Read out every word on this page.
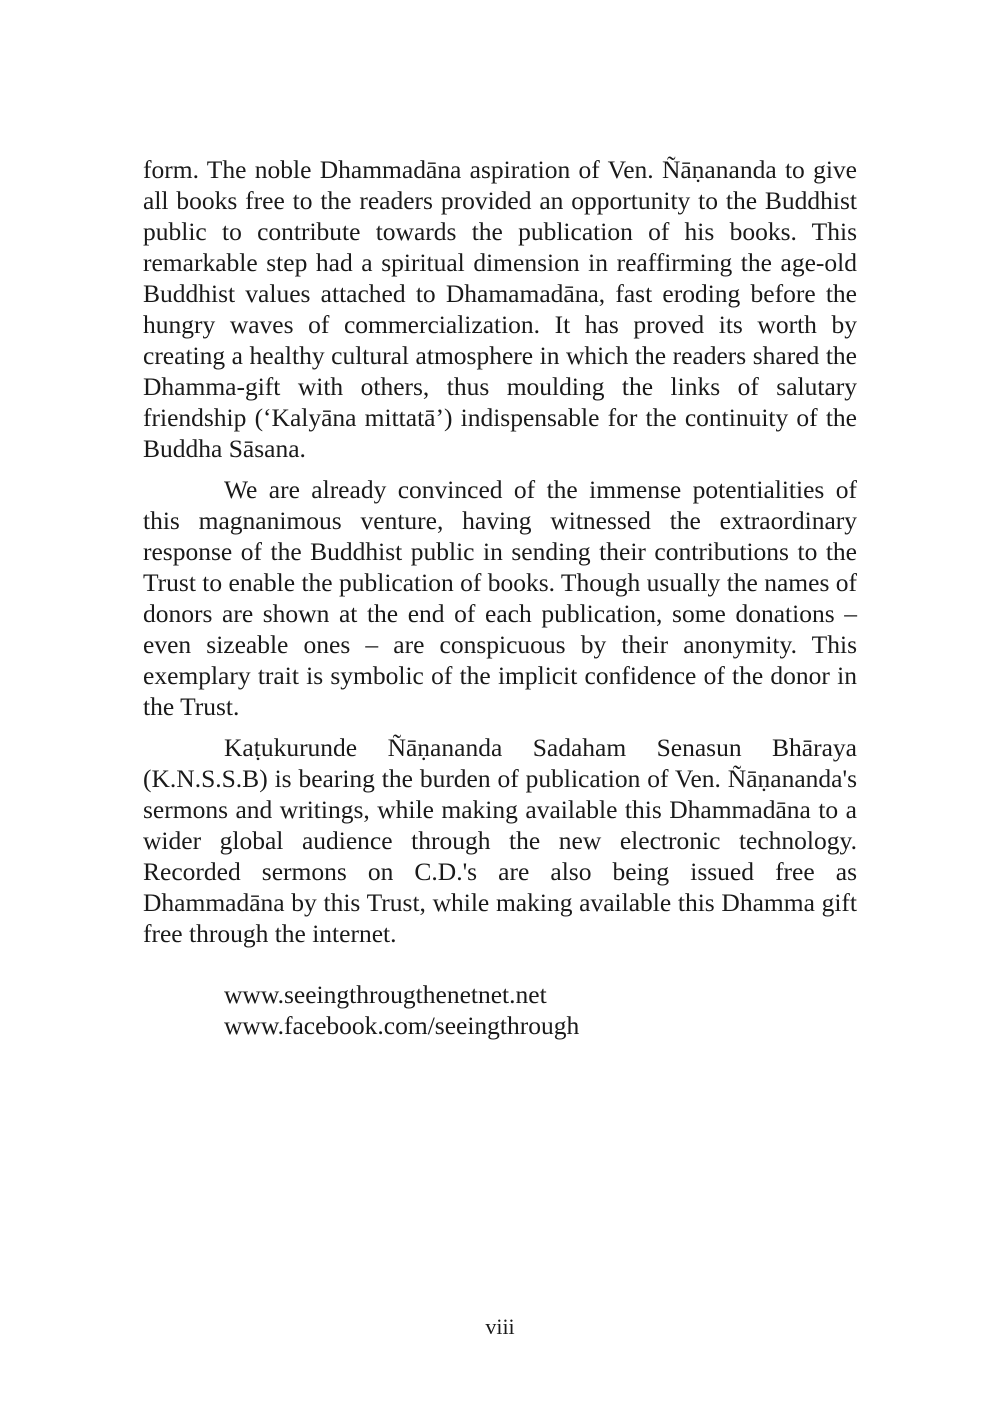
form. The noble Dhammadāna aspiration of Ven. Ñāṇananda to give all books free to the readers provided an opportunity to the Buddhist public to contribute towards the publication of his books. This remarkable step had a spiritual dimension in reaffirming the age-old Buddhist values attached to Dhamamadāna, fast eroding before the hungry waves of commercialization. It has proved its worth by creating a healthy cultural atmosphere in which the readers shared the Dhamma-gift with others, thus moulding the links of salutary friendship (‘Kalyāna mittatā’) indispensable for the continuity of the Buddha Sāsana.

We are already convinced of the immense potentialities of this magnanimous venture, having witnessed the extraordinary response of the Buddhist public in sending their contributions to the Trust to enable the publication of books. Though usually the names of donors are shown at the end of each publication, some donations – even sizeable ones – are conspicuous by their anonymity. This exemplary trait is symbolic of the implicit confidence of the donor in the Trust.

Kaṭukurunde Ñāṇananda Sadaham Senasun Bhāraya (K.N.S.S.B) is bearing the burden of publication of Ven. Ñāṇananda's sermons and writings, while making available this Dhammadāna to a wider global audience through the new electronic technology. Recorded sermons on C.D.'s are also being issued free as Dhammadāna by this Trust, while making available this Dhamma gift free through the internet.

www.seeingthrougthenetnet.net
www.facebook.com/seeingthrough
viii
